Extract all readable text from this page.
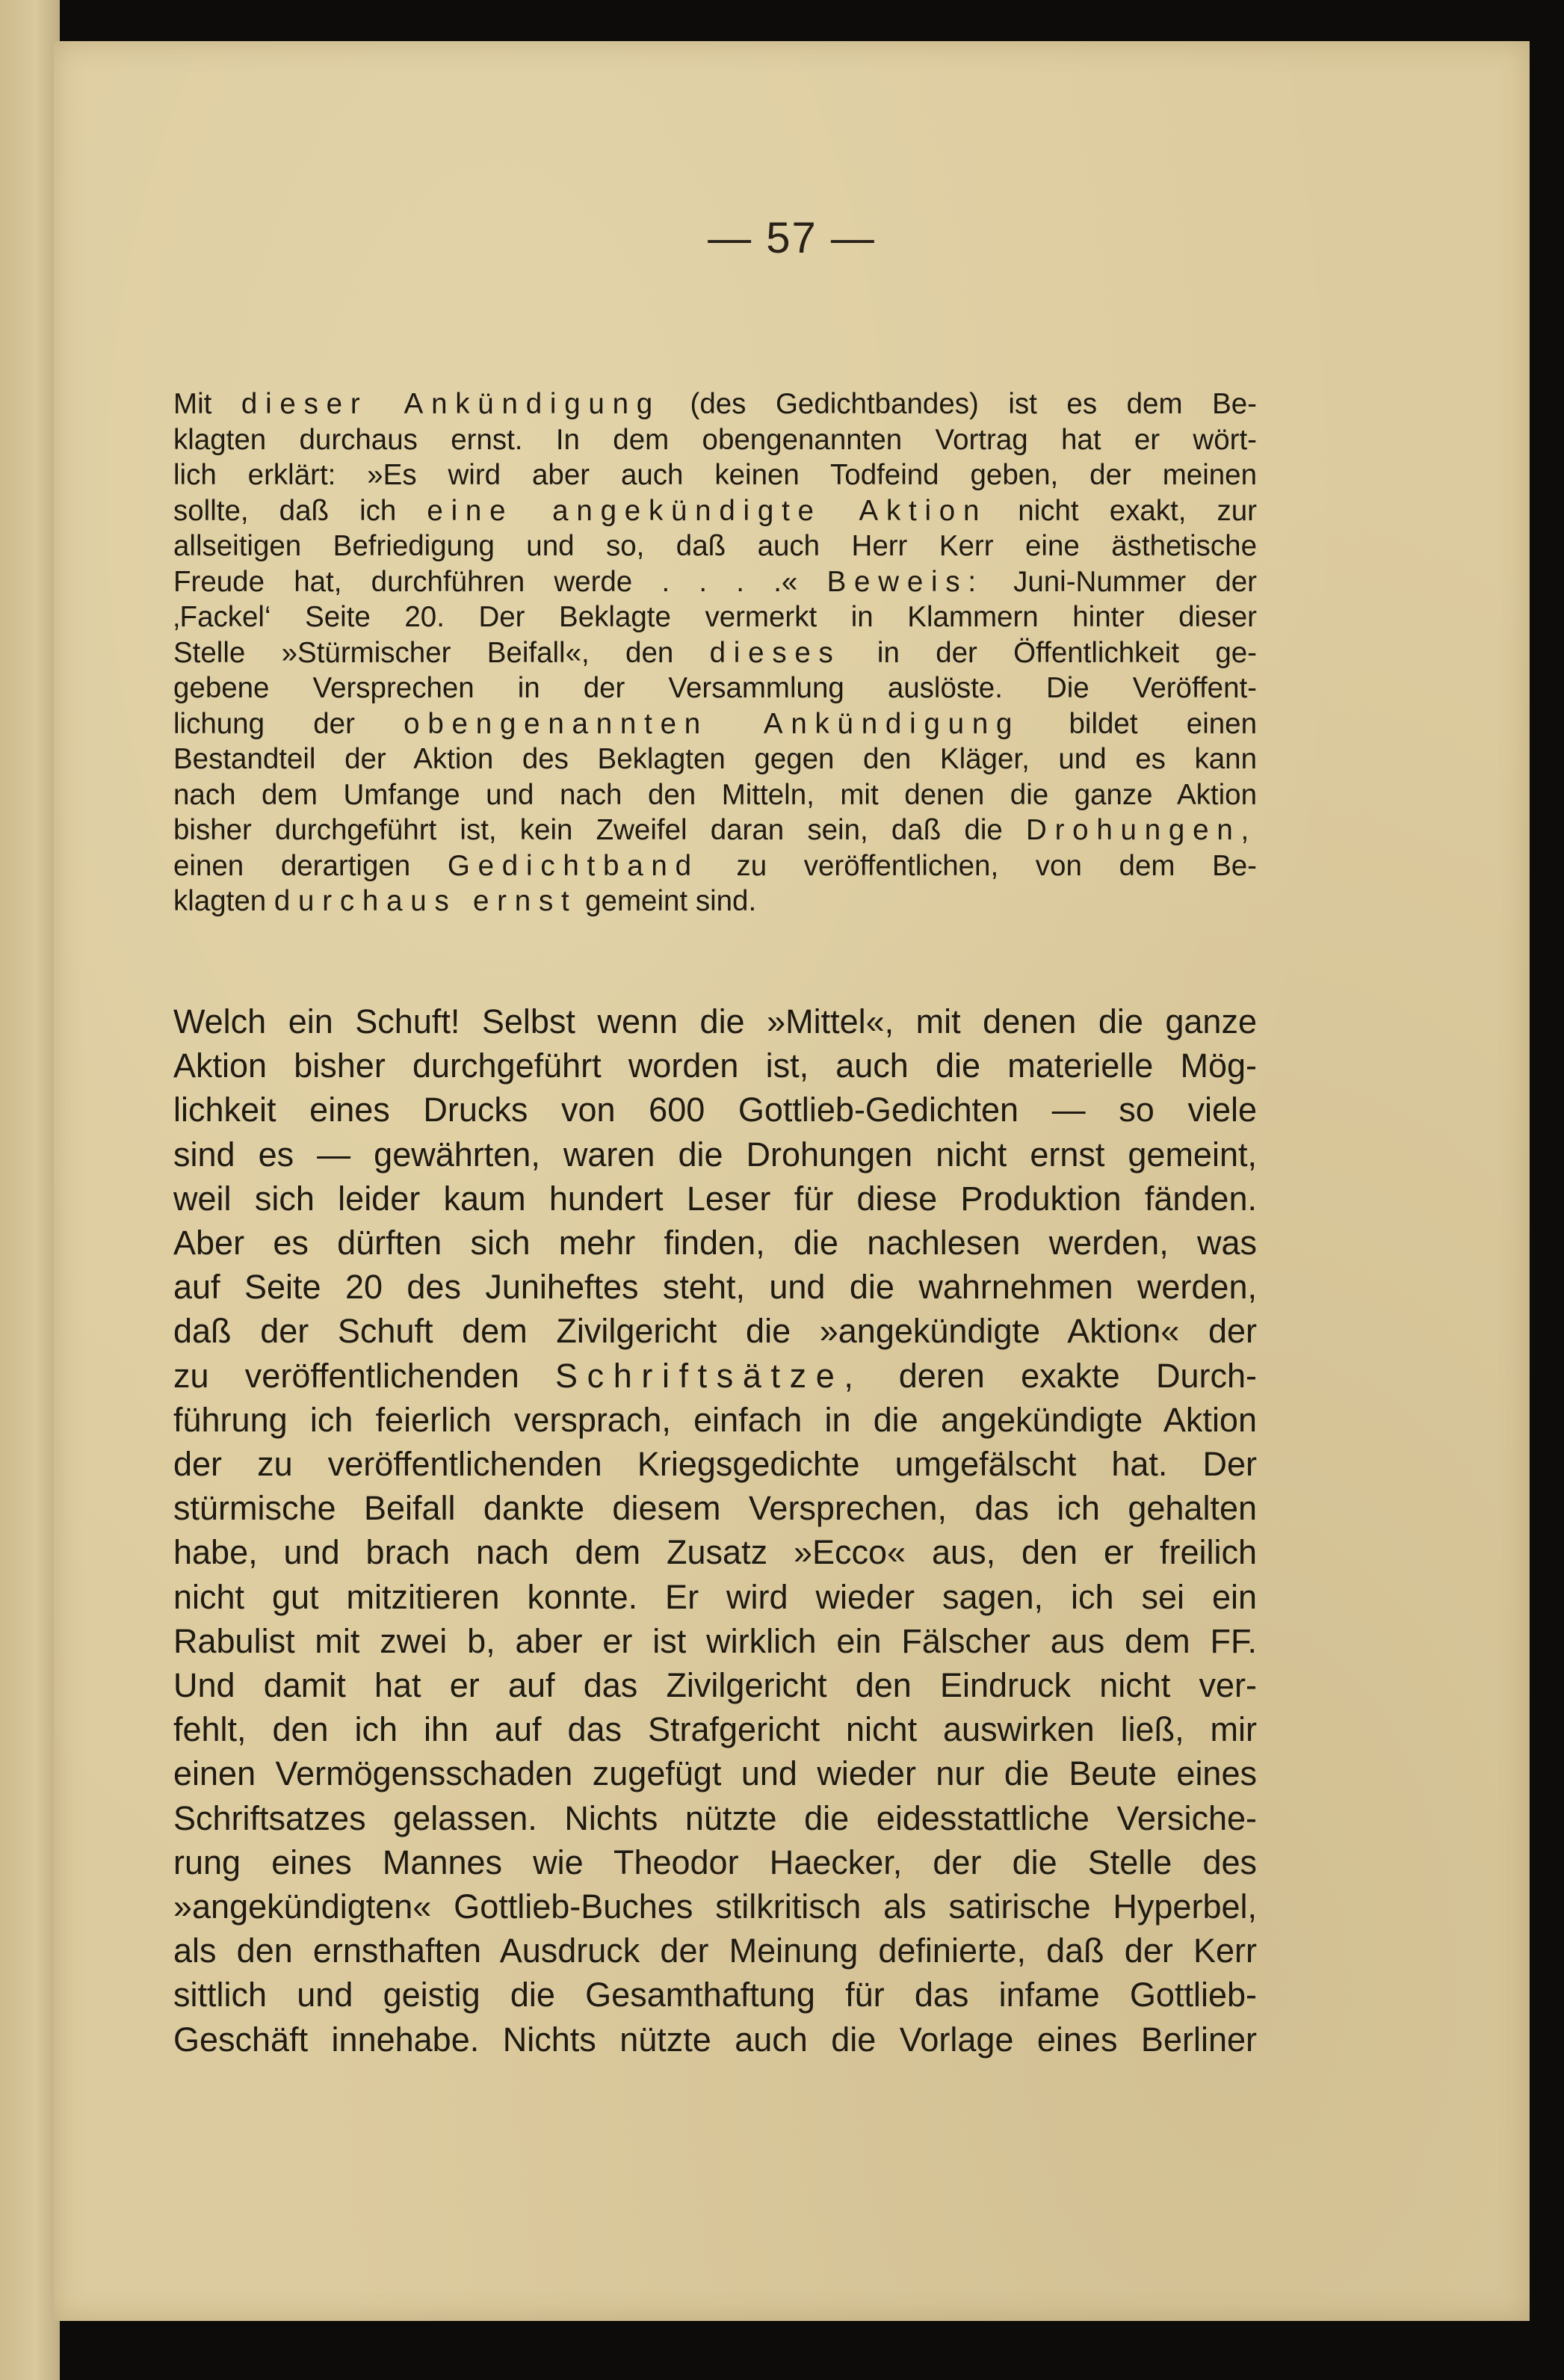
— 57 —
Mit dieser Ankündigung (des Gedichtbandes) ist es dem Be-
klagten durchaus ernst. In dem obengenannten Vortrag hat er wört-
lich erklärt: »Es wird aber auch keinen Todfeind geben, der meinen
sollte, daß ich eine angekündigte Aktion nicht exakt, zur
allseitigen Befriedigung und so, daß auch Herr Kerr eine ästhetische
Freude hat, durchführen werde . . . .« Beweis: Juni-Nummer der
‚Fackel‘ Seite 20. Der Beklagte vermerkt in Klammern hinter dieser
Stelle »Stürmischer Beifall«, den dieses in der Öffentlichkeit ge-
gebene Versprechen in der Versammlung auslöste. Die Veröffent-
lichung der obengenannten Ankündigung bildet einen
Bestandteil der Aktion des Beklagten gegen den Kläger, und es kann
nach dem Umfange und nach den Mitteln, mit denen die ganze Aktion
bisher durchgeführt ist, kein Zweifel daran sein, daß die Drohungen,
einen derartigen Gedichtband zu veröffentlichen, von dem Be-
klagten durchaus ernst gemeint sind.
Welch ein Schuft! Selbst wenn die »Mittel«, mit denen die ganze
Aktion bisher durchgeführt worden ist, auch die materielle Mög-
lichkeit eines Drucks von 600 Gottlieb-Gedichten — so viele
sind es — gewährten, waren die Drohungen nicht ernst gemeint,
weil sich leider kaum hundert Leser für diese Produktion fänden.
Aber es dürften sich mehr finden, die nachlesen werden, was
auf Seite 20 des Juniheftes steht, und die wahrnehmen werden,
daß der Schuft dem Zivilgericht die »angekündigte Aktion« der
zu veröffentlichenden Schriftsätze, deren exakte Durch-
führung ich feierlich versprach, einfach in die angekündigte Aktion
der zu veröffentlichenden Kriegsgedichte umgefälscht hat. Der
stürmische Beifall dankte diesem Versprechen, das ich gehalten
habe, und brach nach dem Zusatz »Ecco« aus, den er freilich
nicht gut mitzitieren konnte. Er wird wieder sagen, ich sei ein
Rabulist mit zwei b, aber er ist wirklich ein Fälscher aus dem FF.
Und damit hat er auf das Zivilgericht den Eindruck nicht ver-
fehlt, den ich ihn auf das Strafgericht nicht auswirken ließ, mir
einen Vermögensschaden zugefügt und wieder nur die Beute eines
Schriftsatzes gelassen. Nichts nützte die eidesstattliche Versiche-
rung eines Mannes wie Theodor Haecker, der die Stelle des
»angekündigten« Gottlieb-Buches stilkritisch als satirische Hyperbel,
als den ernsthaften Ausdruck der Meinung definierte, daß der Kerr
sittlich und geistig die Gesamthaftung für das infame Gottlieb-
Geschäft innehabe. Nichts nützte auch die Vorlage eines Berliner
